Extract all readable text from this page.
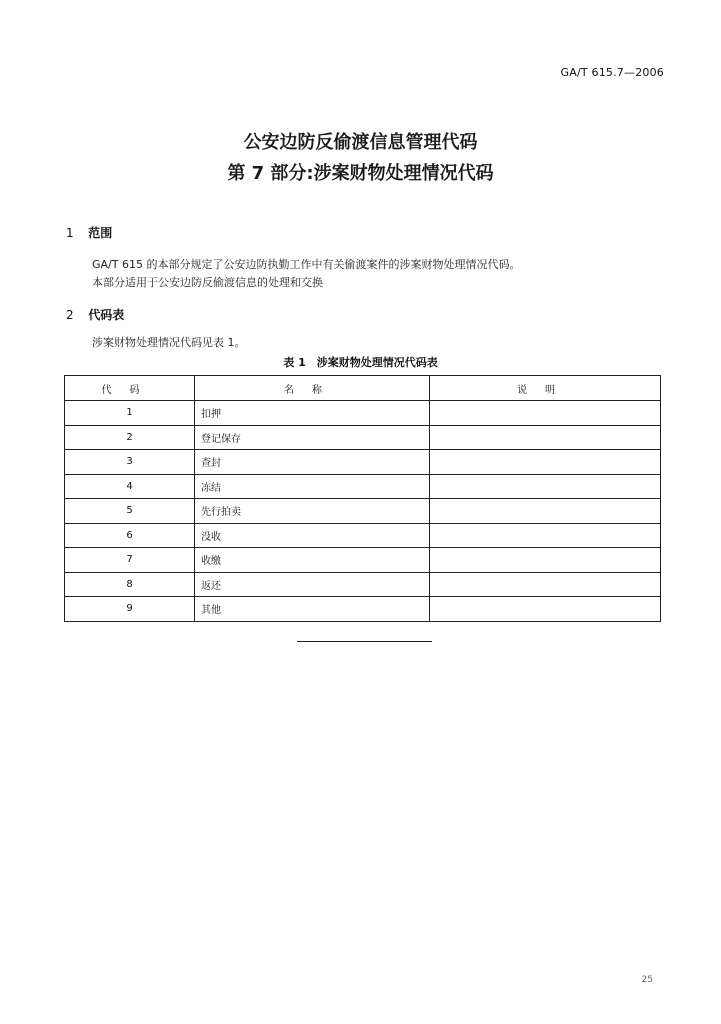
GA/T 615.7—2006
公安边防反偷渡信息管理代码
第 7 部分:涉案财物处理情况代码
1 范围
GA/T 615 的本部分规定了公安边防执勤工作中有关偷渡案件的涉案财物处理情况代码。
本部分适用于公安边防反偷渡信息的处理和交换
2 代码表
涉案财物处理情况代码见表 1。
表 1　涉案财物处理情况代码表
代码	名称	说明
1	扣押	
2	登记保存	
3	查封	
4	冻结	
5	先行拍卖	
6	没收	
7	收缴	
8	返还	
9	其他	
25
